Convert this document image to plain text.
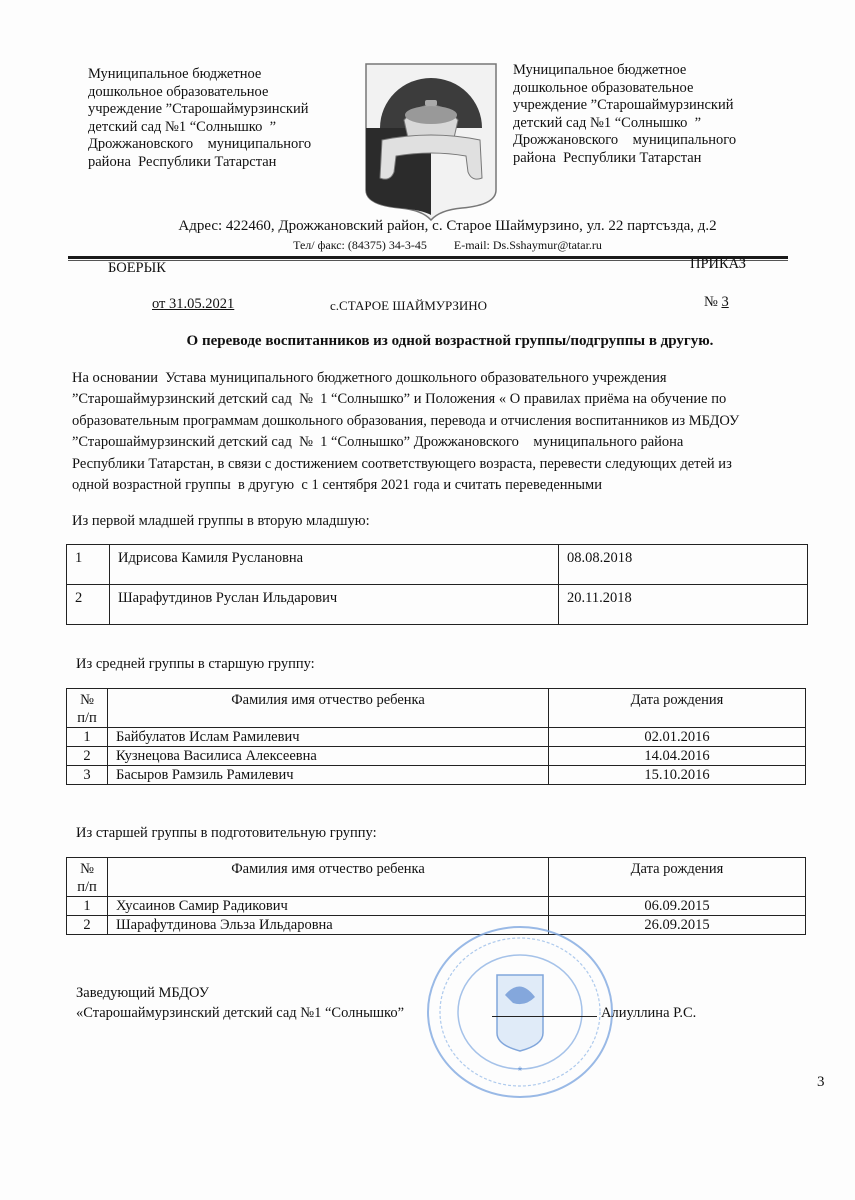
Муниципальное бюджетное
дошкольное образовательное
учреждение ”Старошаймурзинский
детский сад №1 “Солнышко  ”
Дрожжановского    муниципального
района  Республики Татарстан
Муниципальное бюджетное
дошкольное образовательное
учреждение ”Старошаймурзинский
детский сад №1 “Солнышко  ”
Дрожжановского    муниципального
района  Республики Татарстан
Адрес: 422460, Дрожжановский район, с. Старое Шаймурзино, ул. 22 партсъзда, д.2
Тел/ факс: (84375) 34-3-45 E-mail: Ds.Sshaymur@tatar.ru
БОЕРЫК	ПРИКАЗ
от 31.05.2021	с.СТАРОЕ ШАЙМУРЗИНО	№ 3
О переводе воспитанников из одной возрастной группы/подгруппы в другую.
На основании  Устава муниципального бюджетного дошкольного образовательного учреждения
”Старошаймурзинский детский сад  №  1 “Солнышко” и Положения « О правилах приёма на обучение по
образовательным программам дошкольного образования, перевода и отчисления воспитанников из МБДОУ
”Старошаймурзинский детский сад  №  1 “Солнышко” Дрожжановского    муниципального района
Республики Татарстан, в связи с достижением соответствующего возраста, перевести следующих детей из
одной возрастной группы  в другую  с 1 сентября 2021 года и считать переведенными
Из первой младшей группы в вторую младшую:
1	Идрисова Камиля Руслановна	08.08.2018
2	Шарафутдинов Руслан Ильдарович	20.11.2018
Из средней группы в старшую группу:
№
п/п	Фамилия имя отчество ребенка	Дата рождения
1	Байбулатов Ислам Рамилевич	02.01.2016
2	Кузнецова Василиса Алексеевна	14.04.2016
3	Басыров Рамзиль Рамилевич	15.10.2016
Из старшей группы в подготовительную группу:
№
п/п	Фамилия имя отчество ребенка	Дата рождения
1	Хусаинов Самир Радикович	06.09.2015
2	Шарафутдинова Эльза Ильдаровна	26.09.2015
*
Заведующий МБДОУ
«Старошаймурзинский детский сад №1 “Солнышко”	Алиуллина Р.С.
3
